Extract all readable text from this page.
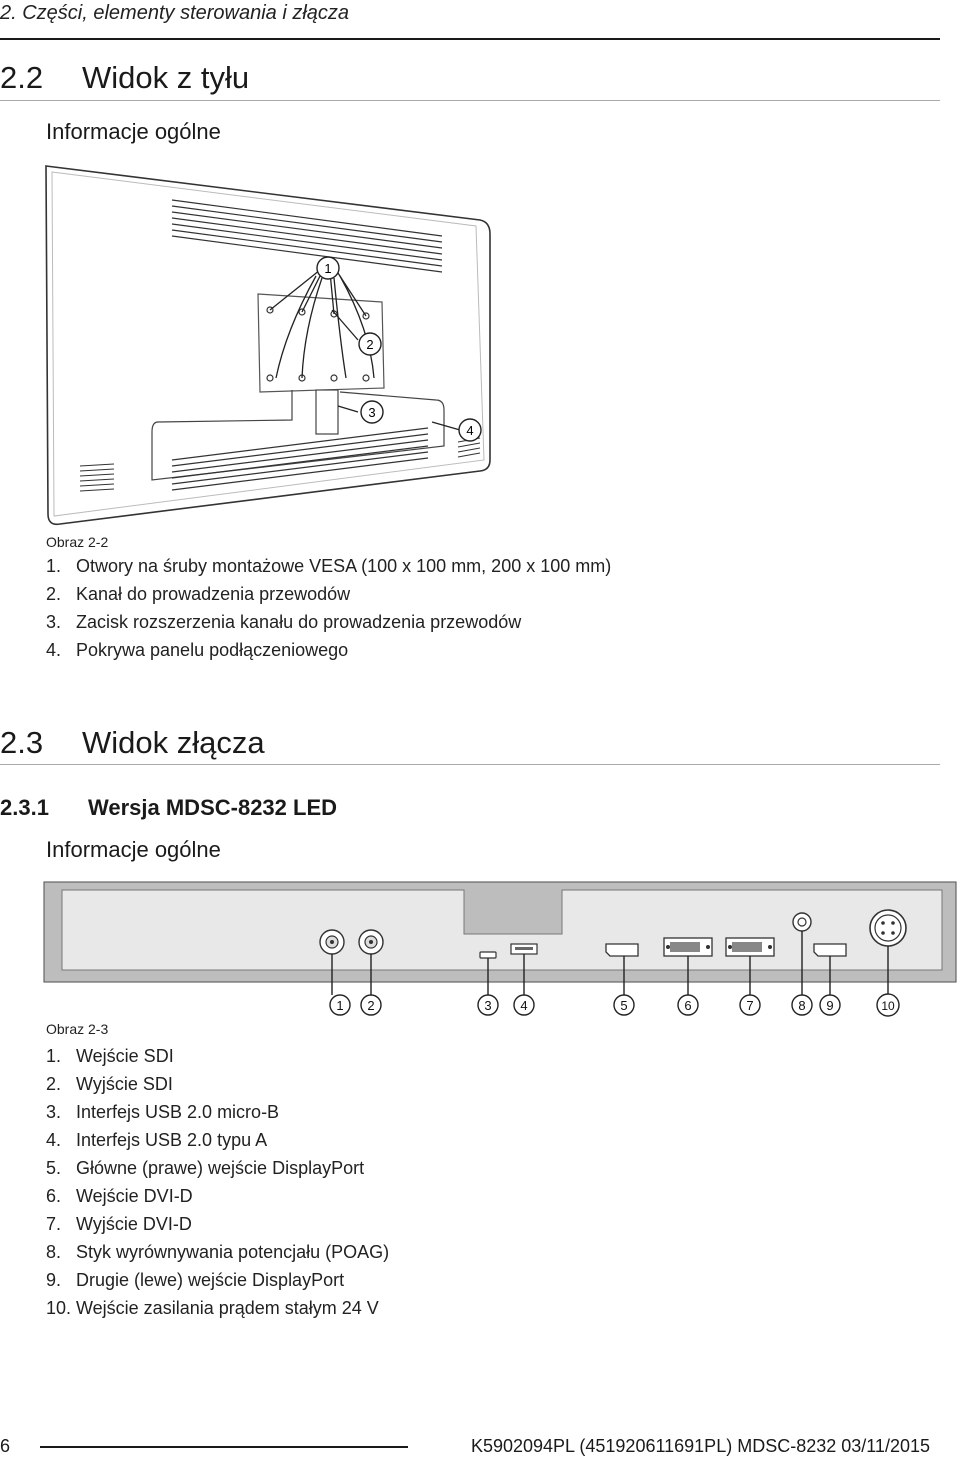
2. Części, elementy sterowania i złącza
2.2 Widok z tyłu
Informacje ogólne
1
2
3
4
Obraz 2-2
1. Otwory na śruby montażowe VESA (100 x 100 mm, 200 x 100 mm)
2. Kanał do prowadzenia przewodów
3. Zacisk rozszerzenia kanału do prowadzenia przewodów
4. Pokrywa panelu podłączeniowego
2.3 Widok złącza
2.3.1 Wersja MDSC-8232 LED
Informacje ogólne
1 2	3 4	5	6	7	8 9	10
Obraz 2-3
1. Wejście SDI
2. Wyjście SDI
3. Interfejs USB 2.0 micro-B
4. Interfejs USB 2.0 typu A
5. Główne (prawe) wejście DisplayPort
6. Wejście DVI-D
7. Wyjście DVI-D
8. Styk wyrównywania potencjału (POAG)
9. Drugie (lewe) wejście DisplayPort
10. Wejście zasilania prądem stałym 24 V
6	K5902094PL (451920611691PL) MDSC-8232 03/11/2015
